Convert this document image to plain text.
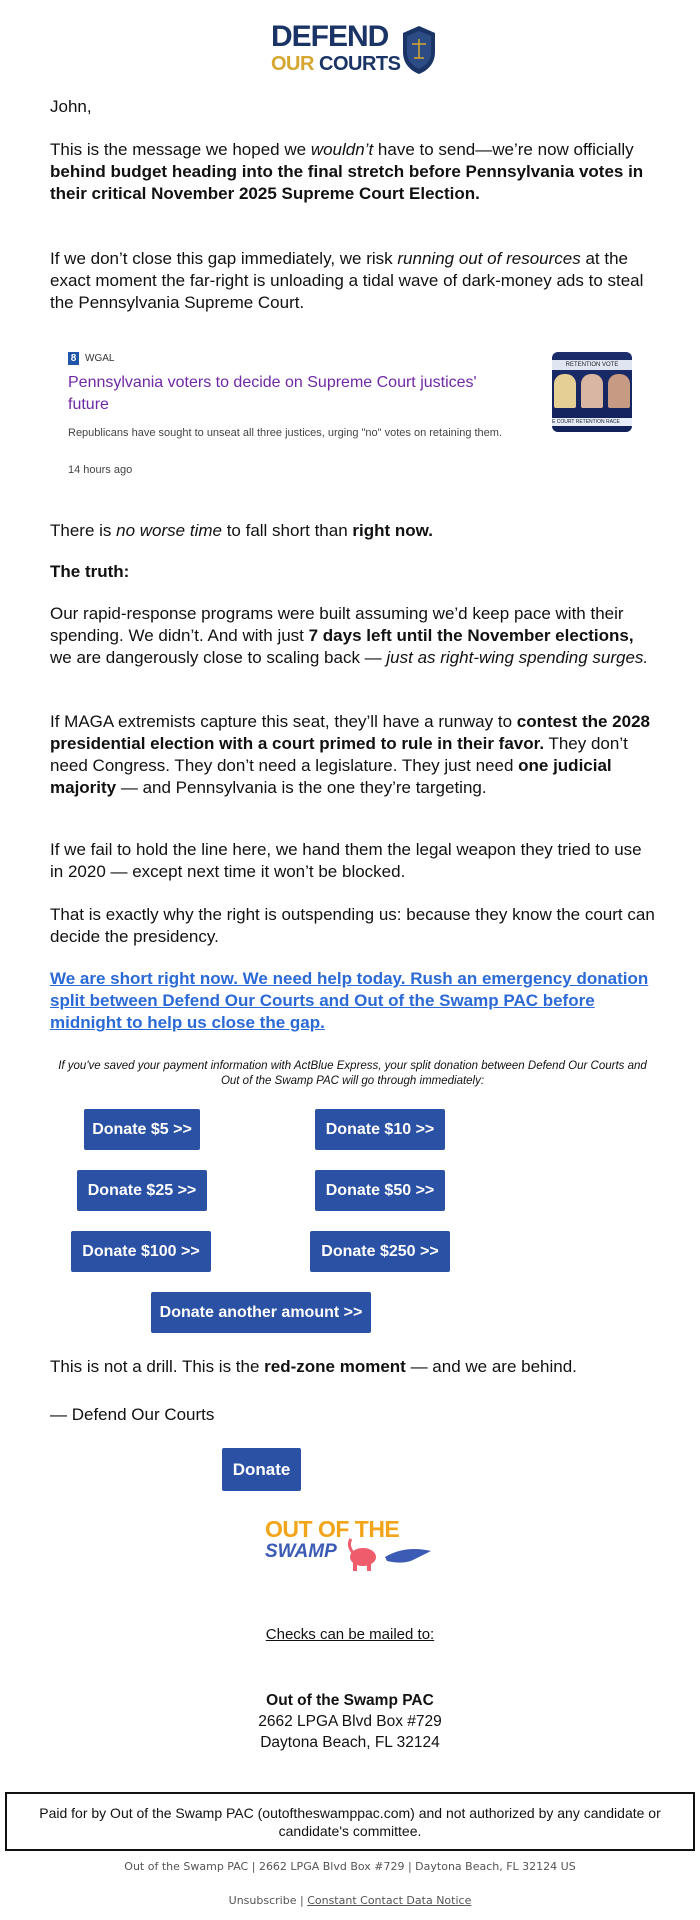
DEFEND
OUR COURTS
John,
This is the message we hoped we wouldn’t have to send—we’re now officially behind budget heading into the final stretch before Pennsylvania votes in their critical November 2025 Supreme Court Election.
If we don’t close this gap immediately, we risk running out of resources at the exact moment the far-right is unloading a tidal wave of dark-money ads to steal the Pennsylvania Supreme Court.
8 WGAL
Pennsylvania voters to decide on Supreme Court justices' future
Republicans have sought to unseat all three justices, urging "no" votes on retaining them.
14 hours ago
RETENTION VOTE
E COURT RETENTION RACE
There is no worse time to fall short than right now.
The truth:
Our rapid-response programs were built assuming we’d keep pace with their spending. We didn’t. And with just 7 days left until the November elections, we are dangerously close to scaling back — just as right-wing spending surges.
If MAGA extremists capture this seat, they’ll have a runway to contest the 2028 presidential election with a court primed to rule in their favor. They don’t need Congress. They don’t need a legislature. They just need one judicial majority — and Pennsylvania is the one they’re targeting.
If we fail to hold the line here, we hand them the legal weapon they tried to use in 2020 — except next time it won’t be blocked.
That is exactly why the right is outspending us: because they know the court can decide the presidency.
We are short right now. We need help today. Rush an emergency donation split between Defend Our Courts and Out of the Swamp PAC before midnight to help us close the gap.
If you've saved your payment information with ActBlue Express, your split donation between Defend Our Courts and Out of the Swamp PAC will go through immediately:
Donate $5 >>	Donate $10 >>
Donate $25 >>	Donate $50 >>
Donate $100 >>	Donate $250 >>
Donate another amount >>
This is not a drill. This is the red-zone moment — and we are behind.
— Defend Our Courts
Donate
OUT OF THE
SWAMP
Checks can be mailed to:
Out of the Swamp PAC
2662 LPGA Blvd Box #729
Daytona Beach, FL 32124
Paid for by Out of the Swamp PAC (outoftheswamppac.com) and not authorized by any candidate or candidate's committee.
Out of the Swamp PAC | 2662 LPGA Blvd Box #729 | Daytona Beach, FL 32124 US
Unsubscribe | Constant Contact Data Notice
